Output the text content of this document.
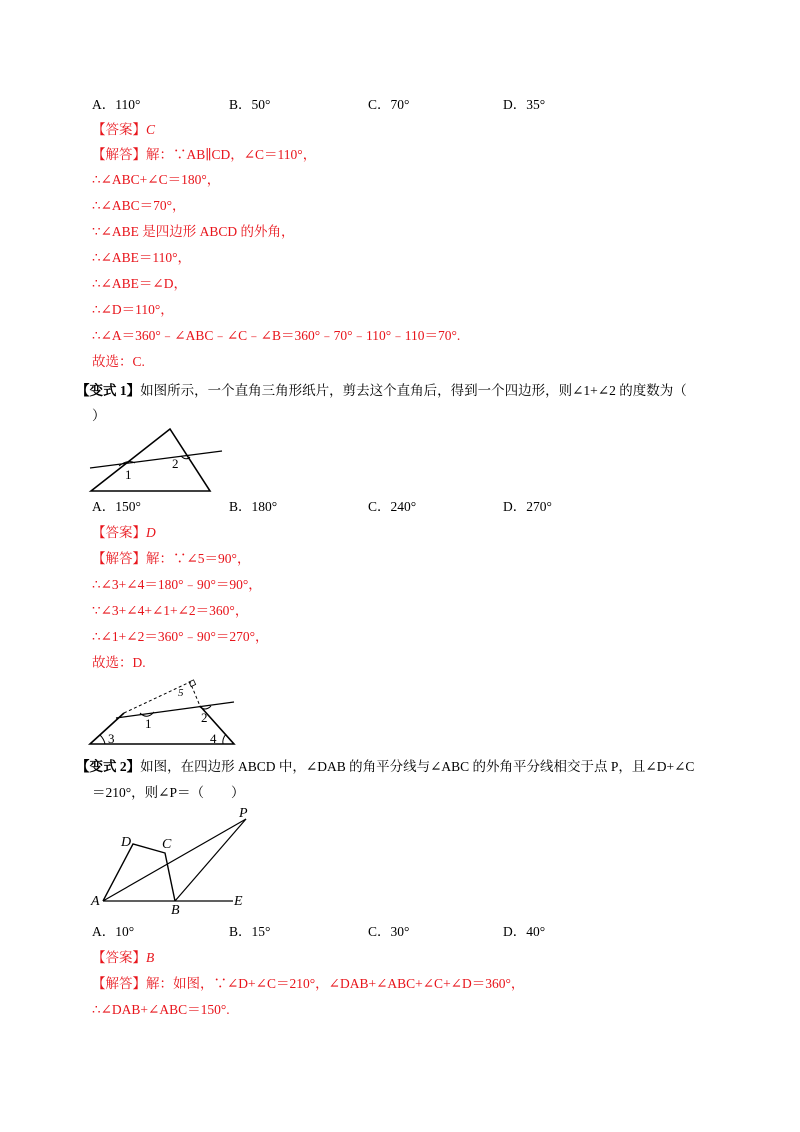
A．110°	B．50°	C．70°	D．35°
【答案】C
【解答】解：∵AB∥CD，∠C＝110°，
∴∠ABC+∠C＝180°，
∴∠ABC＝70°，
∵∠ABE 是四边形 ABCD 的外角，
∴∠ABE＝110°，
∴∠ABE＝∠D，
∴∠D＝110°，
∴∠A＝360°﹣∠ABC﹣∠C﹣∠B＝360°﹣70°﹣110°﹣110＝70°.
故选：C.
【变式 1】如图所示，一个直角三角形纸片，剪去这个直角后，得到一个四边形，则∠1+∠2 的度数为（
）
1
2
A．150°	B．180°	C．240°	D．270°
【答案】D
【解答】解：∵∠5＝90°，
∴∠3+∠4＝180°﹣90°＝90°，
∵∠3+∠4+∠1+∠2＝360°，
∴∠1+∠2＝360°﹣90°＝270°，
故选：D.
1	2
3	4
5
【变式 2】如图，在四边形 ABCD 中，∠DAB 的角平分线与∠ABC 的外角平分线相交于点 P，且∠D+∠C
＝210°，则∠P＝（　　）
D C
P
A
B
E
A．10°	B．15°	C．30°	D．40°
【答案】B
【解答】解：如图，∵∠D+∠C＝210°，∠DAB+∠ABC+∠C+∠D＝360°，
∴∠DAB+∠ABC＝150°.
